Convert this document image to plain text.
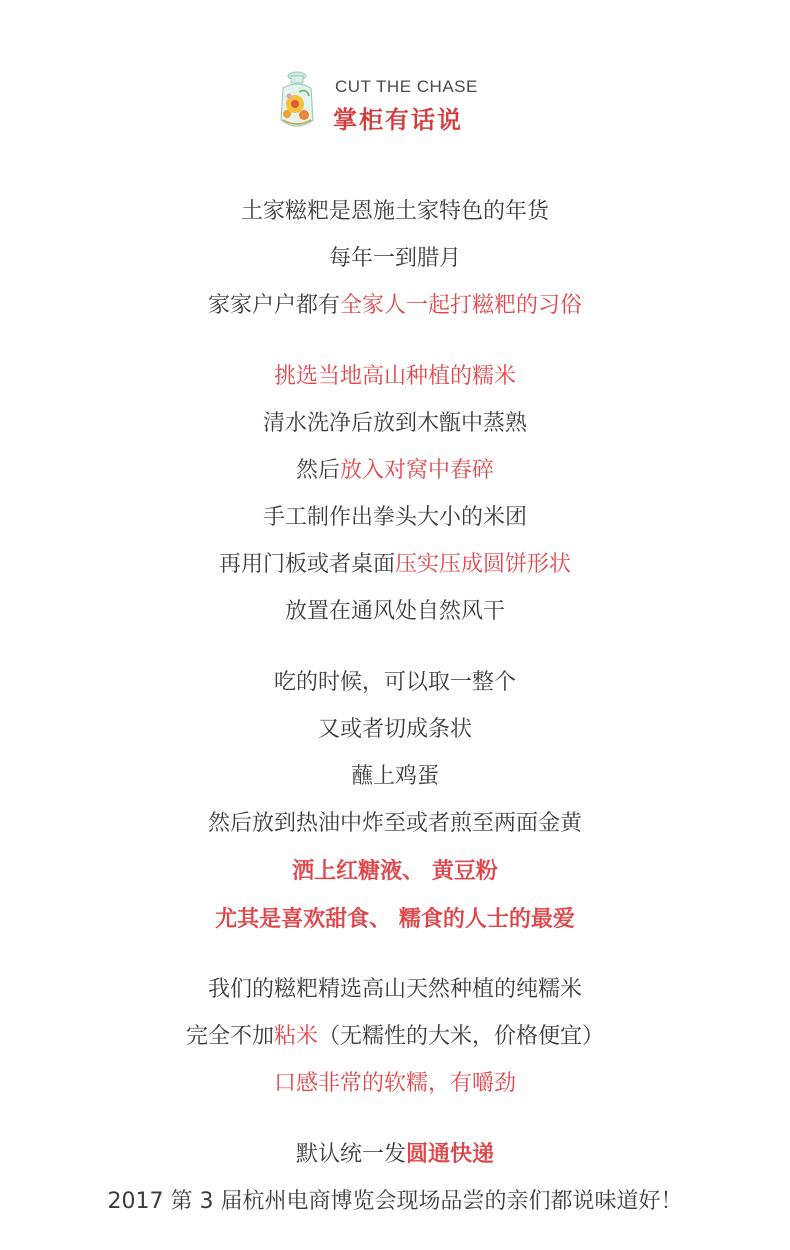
CUT THE CHASE
掌柜有话说
土家糍粑是恩施土家特色的年货
每年一到腊月
家家户户都有全家人一起打糍粑的习俗
挑选当地高山种植的糯米
清水洗净后放到木甑中蒸熟
然后放入对窝中舂碎
手工制作出拳头大小的米团
再用门板或者桌面压实压成圆饼形状
放置在通风处自然风干
吃的时候，可以取一整个
又或者切成条状
蘸上鸡蛋
然后放到热油中炸至或者煎至两面金黄
洒上红糖液、 黄豆粉
尤其是喜欢甜食、 糯食的人士的最爱
我们的糍粑精选高山天然种植的纯糯米
完全不加粘米（无糯性的大米，价格便宜）
口感非常的软糯，有嚼劲
默认统一发圆通快递
2017 第 3 届杭州电商博览会现场品尝的亲们都说味道好！
